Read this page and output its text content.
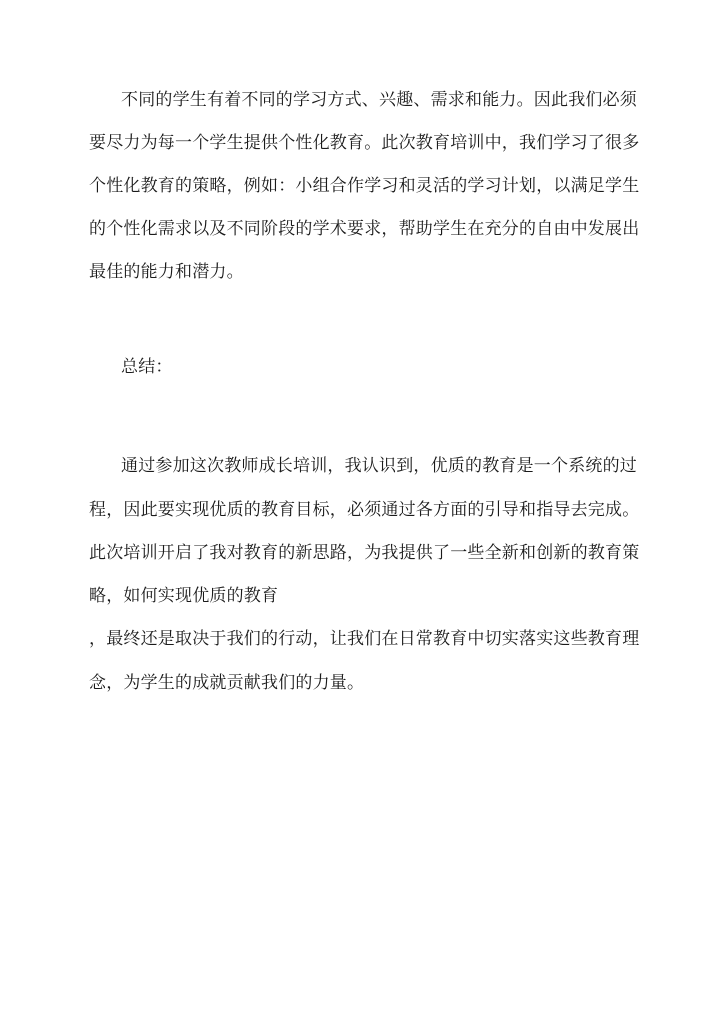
不同的学生有着不同的学习方式、兴趣、需求和能力。因此我们必须
要尽力为每一个学生提供个性化教育。此次教育培训中，我们学习了很多
个性化教育的策略，例如：小组合作学习和灵活的学习计划，以满足学生
的个性化需求以及不同阶段的学术要求，帮助学生在充分的自由中发展出
最佳的能力和潜力。
总结：
通过参加这次教师成长培训，我认识到，优质的教育是一个系统的过
程，因此要实现优质的教育目标，必须通过各方面的引导和指导去完成。
此次培训开启了我对教育的新思路，为我提供了一些全新和创新的教育策
略，如何实现优质的教育
，最终还是取决于我们的行动，让我们在日常教育中切实落实这些教育理
念，为学生的成就贡献我们的力量。
